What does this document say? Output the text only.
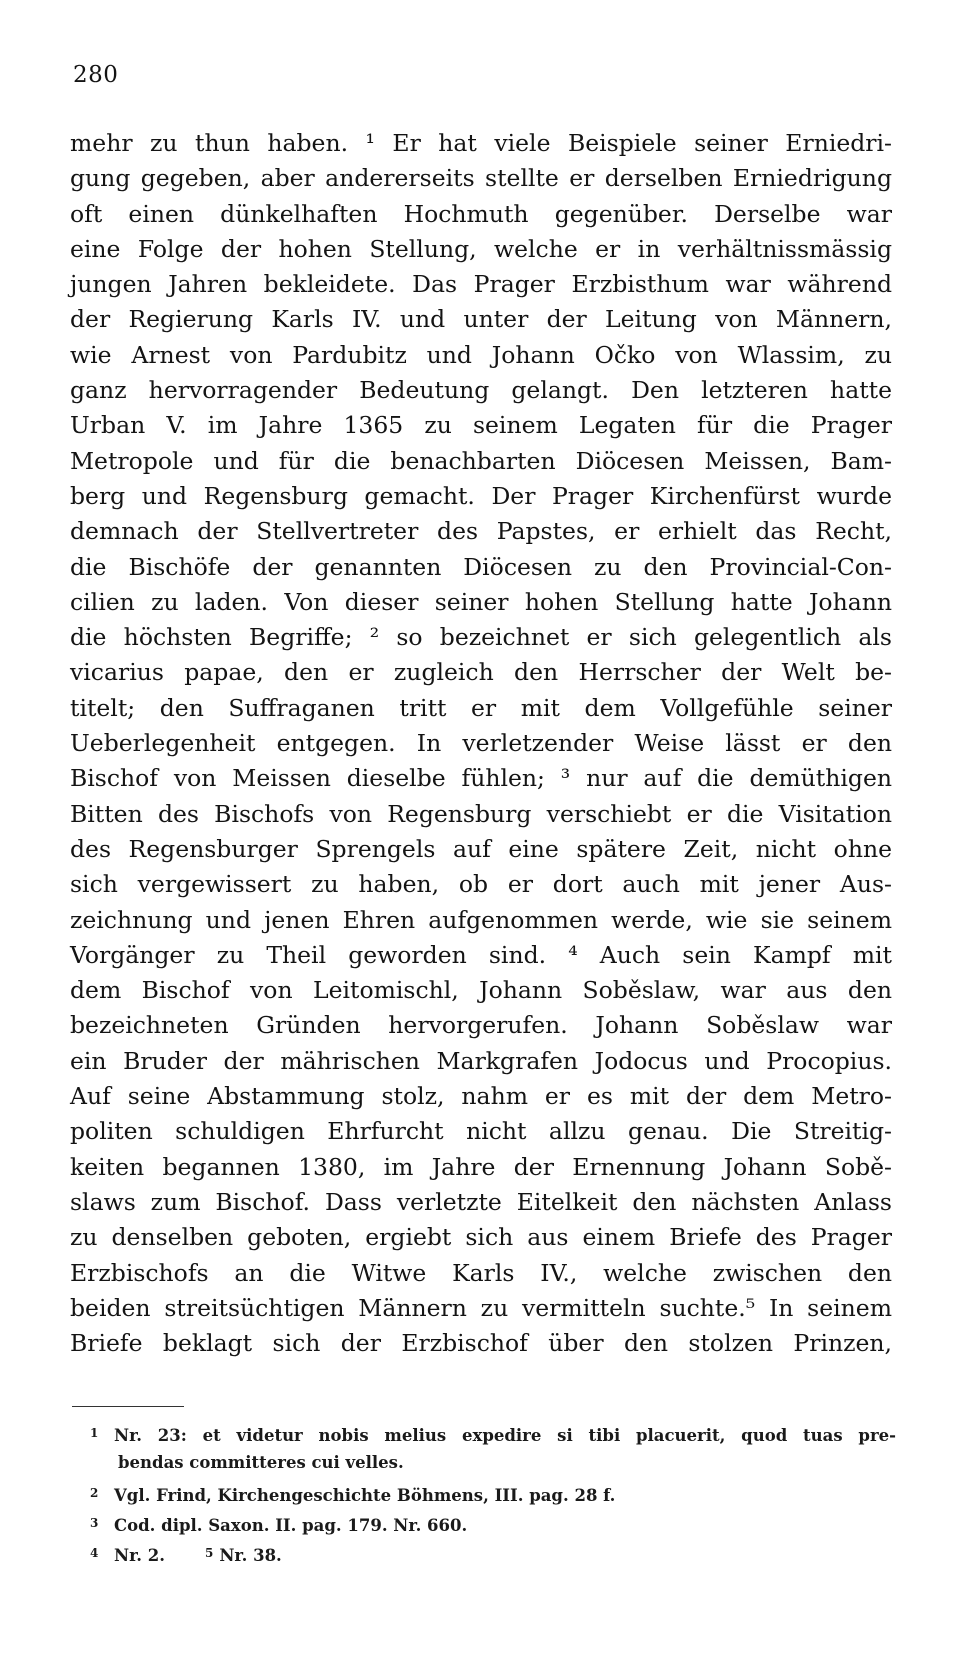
280
mehr zu thun haben. ¹ Er hat viele Beispiele seiner Erniedri-
gung gegeben, aber andererseits stellte er derselben Erniedrigung
oft einen dünkelhaften Hochmuth gegenüber. Derselbe war
eine Folge der hohen Stellung, welche er in verhältnissmässig
jungen Jahren bekleidete. Das Prager Erzbisthum war während
der Regierung Karls IV. und unter der Leitung von Männern,
wie Arnest von Pardubitz und Johann Očko von Wlassim, zu
ganz hervorragender Bedeutung gelangt. Den letzteren hatte
Urban V. im Jahre 1365 zu seinem Legaten für die Prager
Metropole und für die benachbarten Diöcesen Meissen, Bam-
berg und Regensburg gemacht. Der Prager Kirchenfürst wurde
demnach der Stellvertreter des Papstes, er erhielt das Recht,
die Bischöfe der genannten Diöcesen zu den Provincial-Con-
cilien zu laden. Von dieser seiner hohen Stellung hatte Johann
die höchsten Begriffe; ² so bezeichnet er sich gelegentlich als
vicarius papae, den er zugleich den Herrscher der Welt be-
titelt; den Suffraganen tritt er mit dem Vollgefühle seiner
Ueberlegenheit entgegen. In verletzender Weise lässt er den
Bischof von Meissen dieselbe fühlen; ³ nur auf die demüthigen
Bitten des Bischofs von Regensburg verschiebt er die Visitation
des Regensburger Sprengels auf eine spätere Zeit, nicht ohne
sich vergewissert zu haben, ob er dort auch mit jener Aus-
zeichnung und jenen Ehren aufgenommen werde, wie sie seinem
Vorgänger zu Theil geworden sind. ⁴ Auch sein Kampf mit
dem Bischof von Leitomischl, Johann Soběslaw, war aus den
bezeichneten Gründen hervorgerufen. Johann Soběslaw war
ein Bruder der mährischen Markgrafen Jodocus und Procopius.
Auf seine Abstammung stolz, nahm er es mit der dem Metro-
politen schuldigen Ehrfurcht nicht allzu genau. Die Streitig-
keiten begannen 1380, im Jahre der Ernennung Johann Sobě-
slaws zum Bischof. Dass verletzte Eitelkeit den nächsten Anlass
zu denselben geboten, ergiebt sich aus einem Briefe des Prager
Erzbischofs an die Witwe Karls IV., welche zwischen den
beiden streitsüchtigen Männern zu vermitteln suchte.⁵ In seinem
Briefe beklagt sich der Erzbischof über den stolzen Prinzen,
1 Nr. 23: et videtur nobis melius expedire si tibi placuerit, quod tuas pre-
bendas committeres cui velles.
2 Vgl. Frind, Kirchengeschichte Böhmens, III. pag. 28 f.
3 Cod. dipl. Saxon. II. pag. 179. Nr. 660.
4 Nr. 2.	5 Nr. 38.
